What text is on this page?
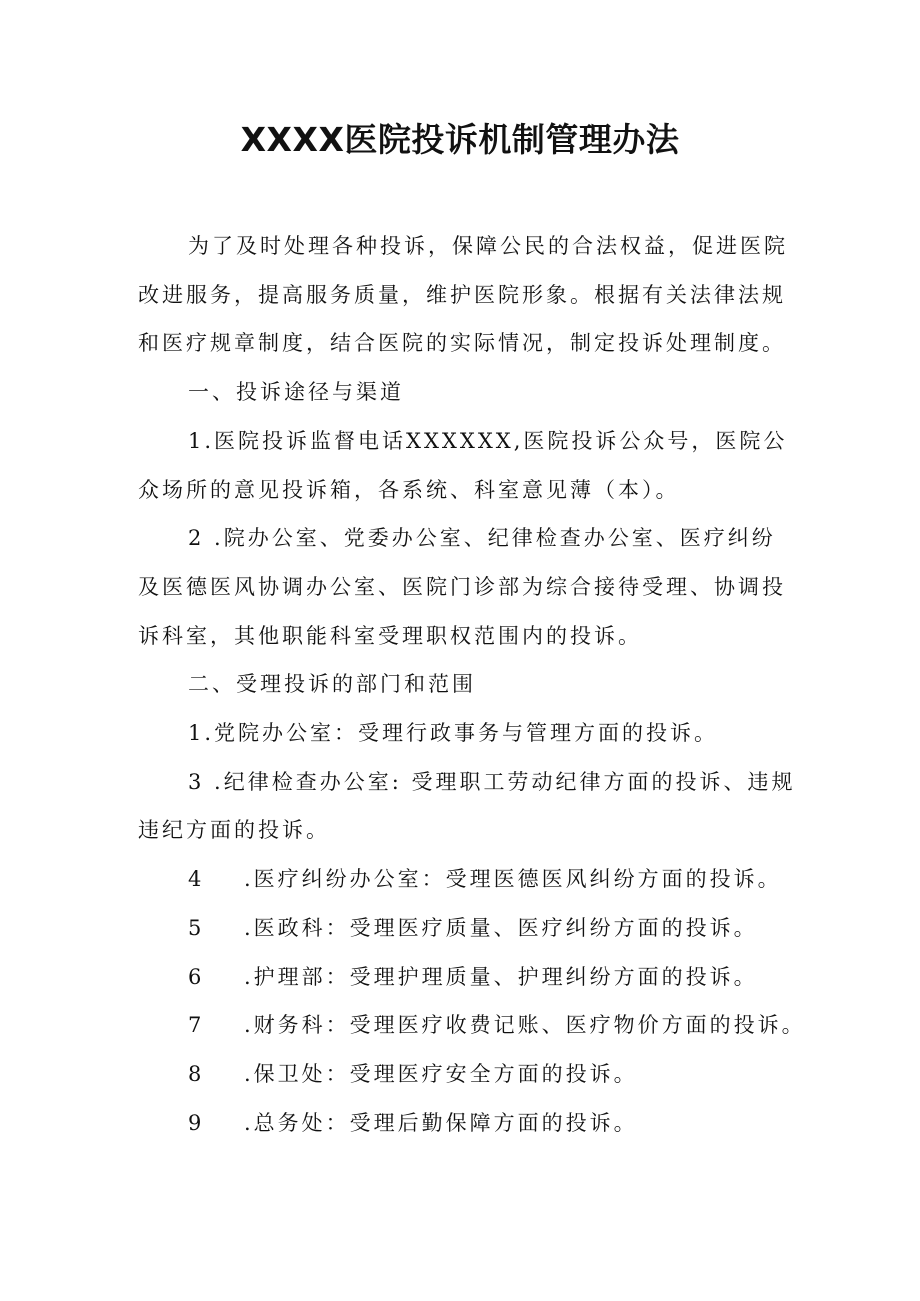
XXXX医院投诉机制管理办法

为了及时处理各种投诉，保障公民的合法权益，促进医院改进服务，提高服务质量，维护医院形象。根据有关法律法规和医疗规章制度，结合医院的实际情况，制定投诉处理制度。

一、投诉途径与渠道

1.医院投诉监督电话XXXXXX,医院投诉公众号，医院公众场所的意见投诉箱，各系统、科室意见薄（本）。

2 .院办公室、党委办公室、纪律检查办公室、医疗纠纷及医德医风协调办公室、医院门诊部为综合接待受理、协调投诉科室，其他职能科室受理职权范围内的投诉。

二、受理投诉的部门和范围

1.党院办公室：受理行政事务与管理方面的投诉。

3 .纪律检查办公室: 受理职工劳动纪律方面的投诉、违规违纪方面的投诉。

4 .医疗纠纷办公室：受理医德医风纠纷方面的投诉。
5 .医政科：受理医疗质量、医疗纠纷方面的投诉。
6 .护理部：受理护理质量、护理纠纷方面的投诉。
7 .财务科：受理医疗收费记账、医疗物价方面的投诉。
8 .保卫处：受理医疗安全方面的投诉。
9 .总务处：受理后勤保障方面的投诉。
